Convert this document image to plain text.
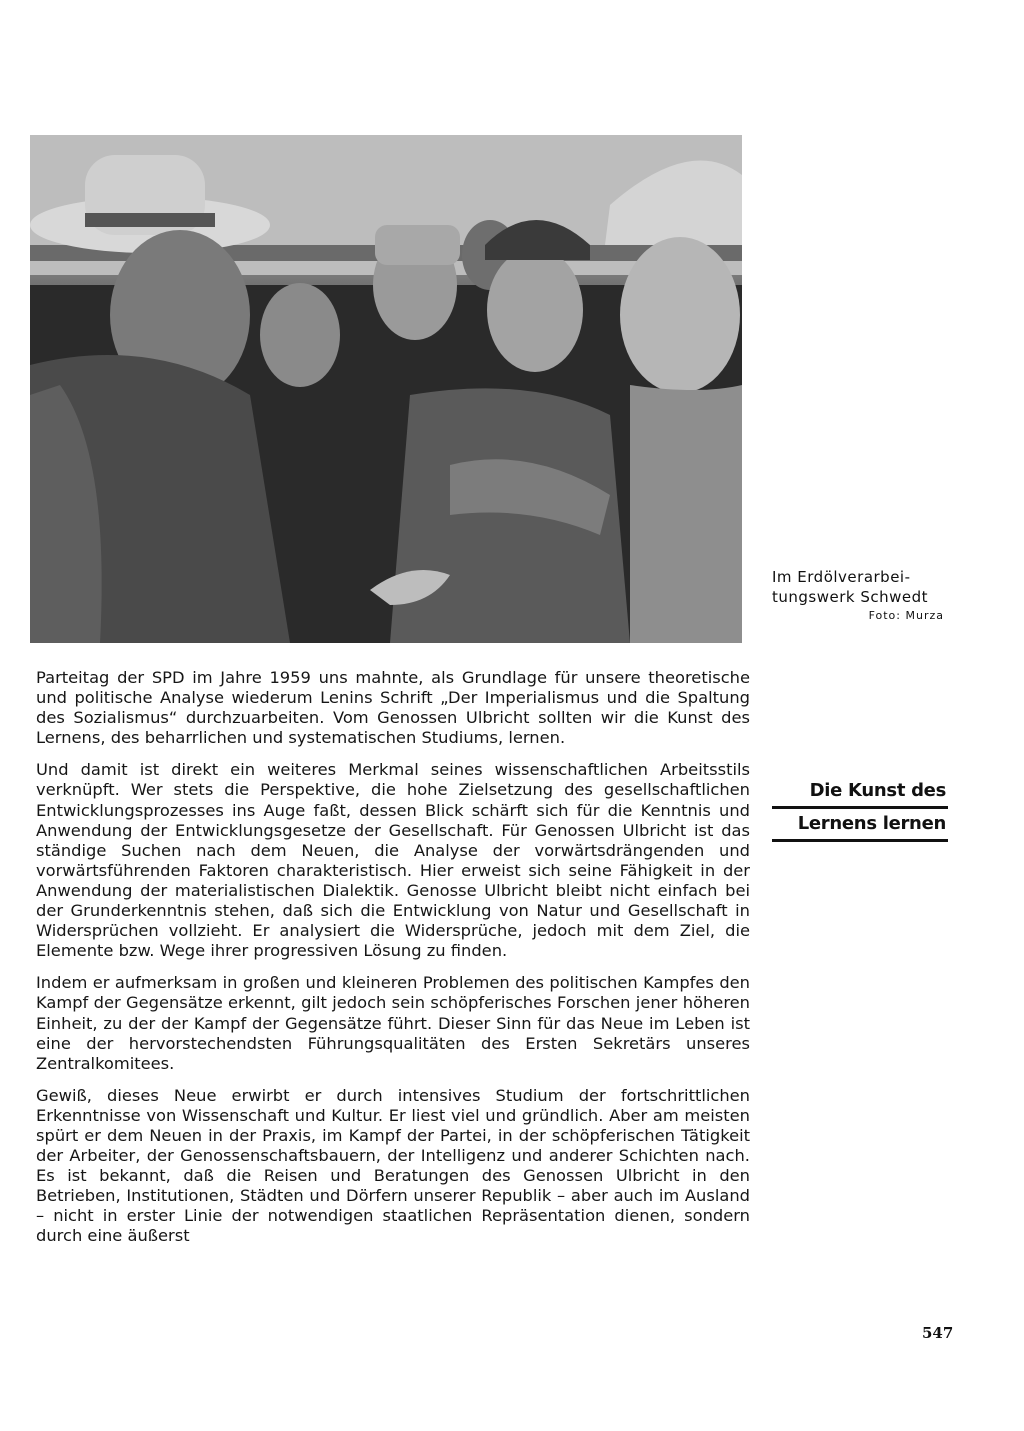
Im Erdölverarbei-
tungswerk Schwedt
Foto: Murza

Parteitag der SPD im Jahre 1959 uns mahnte, als Grundlage für unsere theoretische und politische Analyse wiederum Lenins Schrift „Der Imperialismus und die Spaltung des Sozialismus“ durchzuarbeiten. Vom Genossen Ulbricht sollten wir die Kunst des Lernens, des beharrlichen und systematischen Studiums, lernen.

Und damit ist direkt ein weiteres Merkmal seines wissenschaftlichen Arbeitsstils verknüpft. Wer stets die Perspektive, die hohe Zielsetzung des gesellschaftlichen Entwicklungsprozesses ins Auge faßt, dessen Blick schärft sich für die Kenntnis und Anwendung der Entwicklungsgesetze der Gesellschaft. Für Genossen Ulbricht ist das ständige Suchen nach dem Neuen, die Analyse der vorwärtsdrängenden und vorwärtsführenden Faktoren charakteristisch. Hier erweist sich seine Fähigkeit in der Anwendung der materialistischen Dialektik. Genosse Ulbricht bleibt nicht einfach bei der Grunderkenntnis stehen, daß sich die Entwicklung von Natur und Gesellschaft in Widersprüchen vollzieht. Er analysiert die Widersprüche, jedoch mit dem Ziel, die Elemente bzw. Wege ihrer progressiven Lösung zu finden.

Indem er aufmerksam in großen und kleineren Problemen des politischen Kampfes den Kampf der Gegensätze erkennt, gilt jedoch sein schöpferisches Forschen jener höheren Einheit, zu der der Kampf der Gegensätze führt. Dieser Sinn für das Neue im Leben ist eine der hervorstechendsten Führungsqualitäten des Ersten Sekretärs unseres Zentralkomitees.

Gewiß, dieses Neue erwirbt er durch intensives Studium der fortschrittlichen Erkenntnisse von Wissenschaft und Kultur. Er liest viel und gründlich. Aber am meisten spürt er dem Neuen in der Praxis, im Kampf der Partei, in der schöpferischen Tätigkeit der Arbeiter, der Genossenschaftsbauern, der Intelligenz und anderer Schichten nach. Es ist bekannt, daß die Reisen und Beratungen des Genossen Ulbricht in den Betrieben, Institutionen, Städten und Dörfern unserer Republik – aber auch im Ausland – nicht in erster Linie der notwendigen staatlichen Repräsentation dienen, sondern durch eine äußerst

Die Kunst des
Lernens lernen
547
